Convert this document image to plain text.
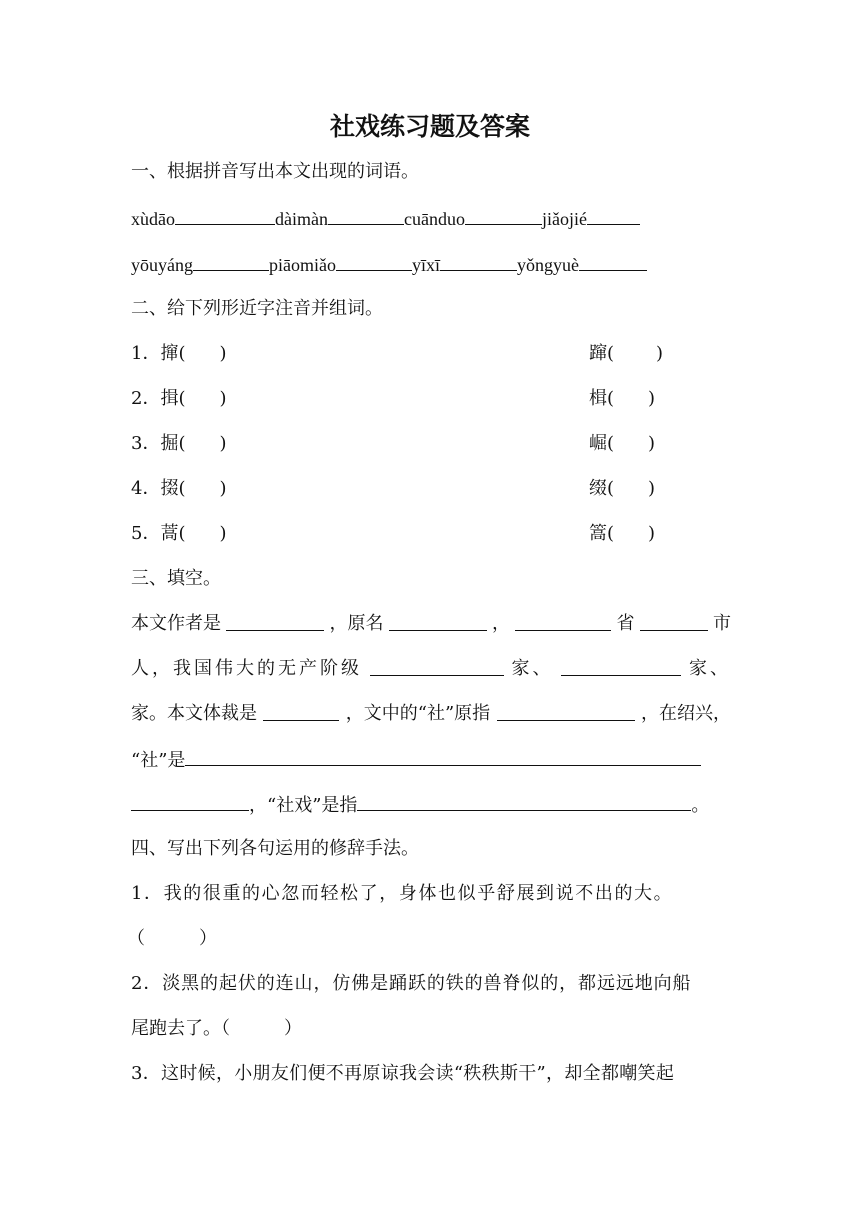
社戏练习题及答案
一、根据拼音写出本文出现的词语。
xùdāo	dàimàn	cuānduo	jiǎojié
yōuyáng	piāomiǎo	yīxī	yǒngyuè
二、给下列形近字注音并组词。
1．撺( )	蹿( )
2．揖( )	楫( )
3．掘( )	崛( )
4．掇( )	缀( )
5．蒿( )	篙( )
三、填空。
本文作者是	，原名	，	省	市
人，我国伟大的无产阶级	家、	家、
家。本文体裁是	，文中的“社”原指	，在绍兴，
“社”是
，“社戏”是指	。
四、写出下列各句运用的修辞手法。
1．我的很重的心忽而轻松了，身体也似乎舒展到说不出的大。
（　　　）
2．淡黑的起伏的连山，仿佛是踊跃的铁的兽脊似的，都远远地向船
尾跑去了。（　　　）
3．这时候，小朋友们便不再原谅我会读“秩秩斯干”，却全都嘲笑起
